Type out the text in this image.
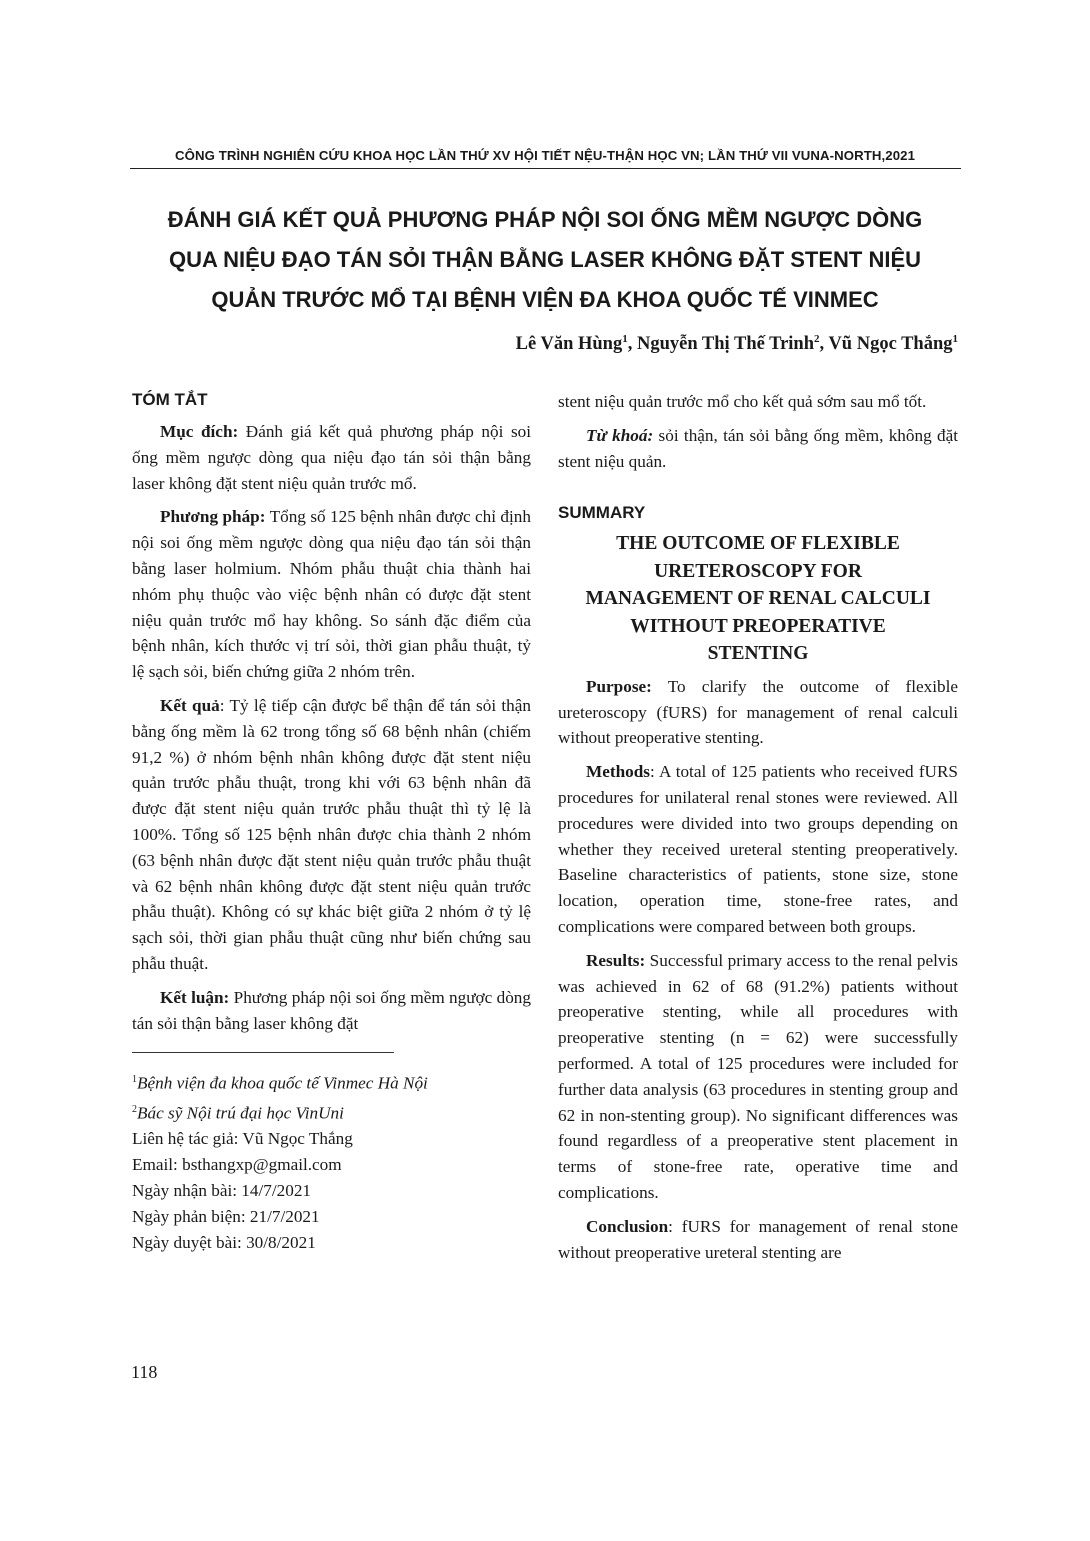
CÔNG TRÌNH NGHIÊN CỨU KHOA HỌC LẦN THỨ XV HỘI TIẾT NỆU-THẬN HỌC VN; LẦN THỨ VII VUNA-NORTH,2021
ĐÁNH GIÁ KẾT QUẢ PHƯƠNG PHÁP NỘI SOI ỐNG MỀM NGƯỢC DÒNG
QUA NIỆU ĐẠO TÁN SỎI THẬN BẰNG LASER KHÔNG ĐẶT STENT NIỆU
QUẢN TRƯỚC MỔ TẠI BỆNH VIỆN ĐA KHOA QUỐC TẾ VINMEC
Lê Văn Hùng$^1$, Nguyễn Thị Thế Trinh$^2$, Vũ Ngọc Thắng$^1$
TÓM TẮT

Mục đích: Đánh giá kết quả phương pháp nội soi ống mềm ngược dòng qua niệu đạo tán sỏi thận bằng laser không đặt stent niệu quản trước mổ.

Phương pháp: Tổng số 125 bệnh nhân được chỉ định nội soi ống mềm ngược dòng qua niệu đạo tán sỏi thận bằng laser holmium. Nhóm phẫu thuật chia thành hai nhóm phụ thuộc vào việc bệnh nhân có được đặt stent niệu quản trước mổ hay không. So sánh đặc điểm của bệnh nhân, kích thước vị trí sỏi, thời gian phẫu thuật, tỷ lệ sạch sỏi, biến chứng giữa 2 nhóm trên.

Kết quả: Tỷ lệ tiếp cận được bể thận để tán sỏi thận bằng ống mềm là 62 trong tổng số 68 bệnh nhân (chiếm 91,2 %) ở nhóm bệnh nhân không được đặt stent niệu quản trước phẫu thuật, trong khi với 63 bệnh nhân đã được đặt stent niệu quản trước phẫu thuật thì tỷ lệ là 100%. Tổng số 125 bệnh nhân được chia thành 2 nhóm (63 bệnh nhân được đặt stent niệu quản trước phẫu thuật và 62 bệnh nhân không được đặt stent niệu quản trước phẫu thuật). Không có sự khác biệt giữa 2 nhóm ở tỷ lệ sạch sỏi, thời gian phẫu thuật cũng như biến chứng sau phẫu thuật.

Kết luận: Phương pháp nội soi ống mềm ngược dòng tán sỏi thận bằng laser không đặt

$^1$Bệnh viện đa khoa quốc tế Vinmec Hà Nội

$^2$Bác sỹ Nội trú đại học VinUni

Liên hệ tác giả: Vũ Ngọc Thắng

Email: bsthangxp@gmail.com

Ngày nhận bài: 14/7/2021

Ngày phản biện: 21/7/2021

Ngày duyệt bài: 30/8/2021

stent niệu quản trước mổ cho kết quả sớm sau mổ tốt.

Từ khoá: sỏi thận, tán sỏi bằng ống mềm, không đặt stent niệu quản.

SUMMARY
THE OUTCOME OF FLEXIBLE
URETEROSCOPY FOR
MANAGEMENT OF RENAL CALCULI
WITHOUT PREOPERATIVE
STENTING

Purpose: To clarify the outcome of flexible ureteroscopy (fURS) for management of renal calculi without preoperative stenting.

Methods: A total of 125 patients who received fURS procedures for unilateral renal stones were reviewed. All procedures were divided into two groups depending on whether they received ureteral stenting preoperatively. Baseline characteristics of patients, stone size, stone location, operation time, stone-free rates, and complications were compared between both groups.

Results: Successful primary access to the renal pelvis was achieved in 62 of 68 (91.2%) patients without preoperative stenting, while all procedures with preoperative stenting (n = 62) were successfully performed. A total of 125 procedures were included for further data analysis (63 procedures in stenting group and 62 in non-stenting group). No significant differences was found regardless of a preoperative stent placement in terms of stone-free rate, operative time and complications.

Conclusion: fURS for management of renal stone without preoperative ureteral stenting are

118
